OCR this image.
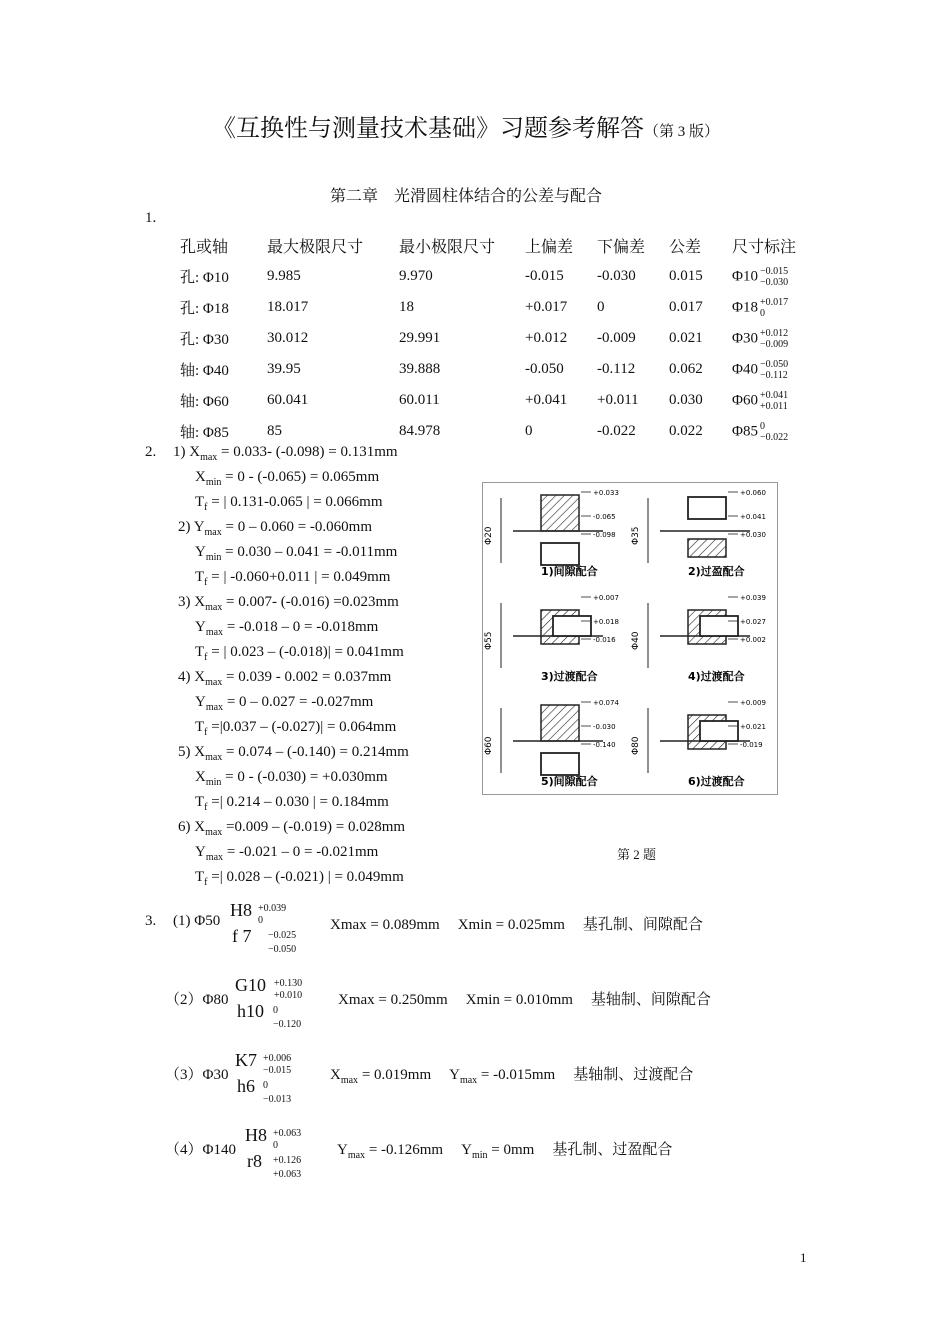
《互换性与测量技术基础》习题参考解答（第 3 版）
第二章　光滑圆柱体结合的公差与配合
1.
孔或轴	最大极限尺寸	最小极限尺寸	上偏差	下偏差	公差	尺寸标注
孔: Φ10	9.985	9.970	-0.015	-0.030	0.015	Φ10 −0.015
−0.030

孔: Φ18	18.017	18	+0.017	0	0.017	Φ18 +0.017
0

孔: Φ30	30.012	29.991	+0.012	-0.009	0.021	Φ30 +0.012
−0.009

轴: Φ40	39.95	39.888	-0.050	-0.112	0.062	Φ40 −0.050
−0.112

轴: Φ60	60.041	60.011	+0.041	+0.011	0.030	Φ60 +0.041
+0.011

轴: Φ85	85	84.978	0	-0.022	0.022	Φ85 0
−0.022
2. 1) $X_{max} = 0.033-$ (-0.098) = 0.131mm
$X_{min} = 0 - (-0.065) = 0.065mm$
$T_f$ = | 0.131-0.065 | = 0.066mm
2) $Y_{max} = 0 - 0.060 = -0.060mm$
$Y_{min} = 0.030 - 0.041 = -0.011mm$
$T_f$ = | -0.060+0.011 | = 0.049mm
3) $X_{max} = 0.007-$ (-0.016) =0.023mm
$Y_{max} = -0.018 - 0 = -0.018mm$
$T_f$ = | 0.023 – (-0.018)| = 0.041mm
4) $X_{max} = 0.039 - 0.002 = 0.037mm$
$Y_{max} = 0 - 0.027 = -0.027mm$
$T_f =|0.037 - (-0.027)| = 0.064mm$
5) $X_{max} = 0.074 - (-0.140) = 0.214mm$
$X_{min} = 0 - (-0.030) = +0.030mm$
$T_f$ =| 0.214 – 0.030 | = 0.184mm
6) $X_{max} =0.009 - (-0.019) = 0.028mm$
$Y_{max} = -0.021 - 0 = -0.021mm$
$T_f$ =| 0.028 – (-0.021) | = 0.049mm
Φ20
+0.033
-0.065
-0.098
1)间隙配合
Φ35
+0.060
+0.041
+0.030
2)过盈配合
Φ55
+0.007
+0.018
-0.016
3)过渡配合
Φ40
+0.039
+0.027
+0.002
4)过渡配合
Φ60
+0.074
-0.030
-0.140
5)间隙配合
Φ80
+0.009
+0.021
-0.019
6)过渡配合
第 2 题
3. (1) Φ50
H8 +0.039
0
f 7 −0.025
−0.050
Xmax = 0.089mm Xmin = 0.025mm 基孔制、间隙配合
（2）Φ80
G10 +0.130
+0.010
h10 0
−0.120
Xmax = 0.250mm Xmin = 0.010mm 基轴制、间隙配合
（3）Φ30
K7 +0.006
−0.015
h6 0
−0.013
$X_{max} = 0.019mm$ $Y_{max} = -0.015mm$ 基轴制、过渡配合
（4）Φ140
H8 +0.063
0
r8 +0.126
+0.063
$Y_{max} = -0.126mm$ $Y_{min} = 0mm$ 基孔制、过盈配合
1
